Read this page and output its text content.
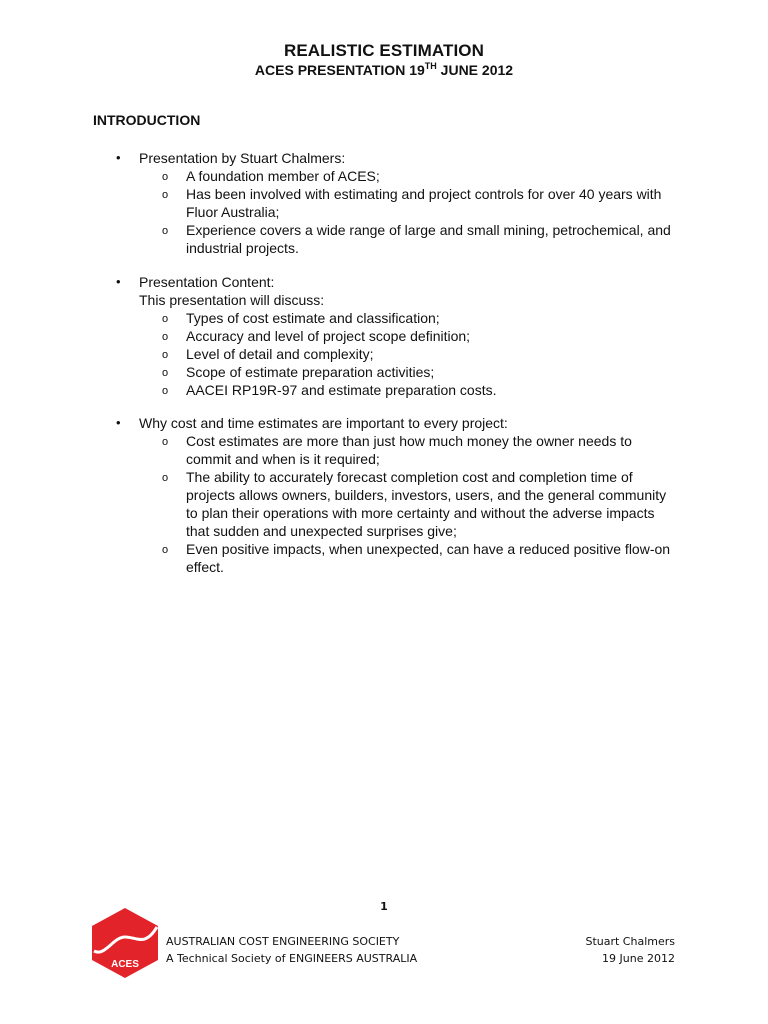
REALISTIC ESTIMATION
ACES PRESENTATION 19TH JUNE 2012
INTRODUCTION
• Presentation by Stuart Chalmers:
o A foundation member of ACES;
o Has been involved with estimating and project controls for over 40 years with Fluor Australia;
o Experience covers a wide range of large and small mining, petrochemical, and industrial projects.
• Presentation Content:
This presentation will discuss:
o Types of cost estimate and classification;
o Accuracy and level of project scope definition;
o Level of detail and complexity;
o Scope of estimate preparation activities;
o AACEI RP19R-97 and estimate preparation costs.
• Why cost and time estimates are important to every project:
o Cost estimates are more than just how much money the owner needs to commit and when is it required;
o The ability to accurately forecast completion cost and completion time of projects allows owners, builders, investors, users, and the general community to plan their operations with more certainty and without the adverse impacts that sudden and unexpected surprises give;
o Even positive impacts, when unexpected, can have a reduced positive flow-on effect.
1
ACES
AUSTRALIAN COST ENGINEERING SOCIETY
A Technical Society of ENGINEERS AUSTRALIA
Stuart Chalmers
19 June 2012
